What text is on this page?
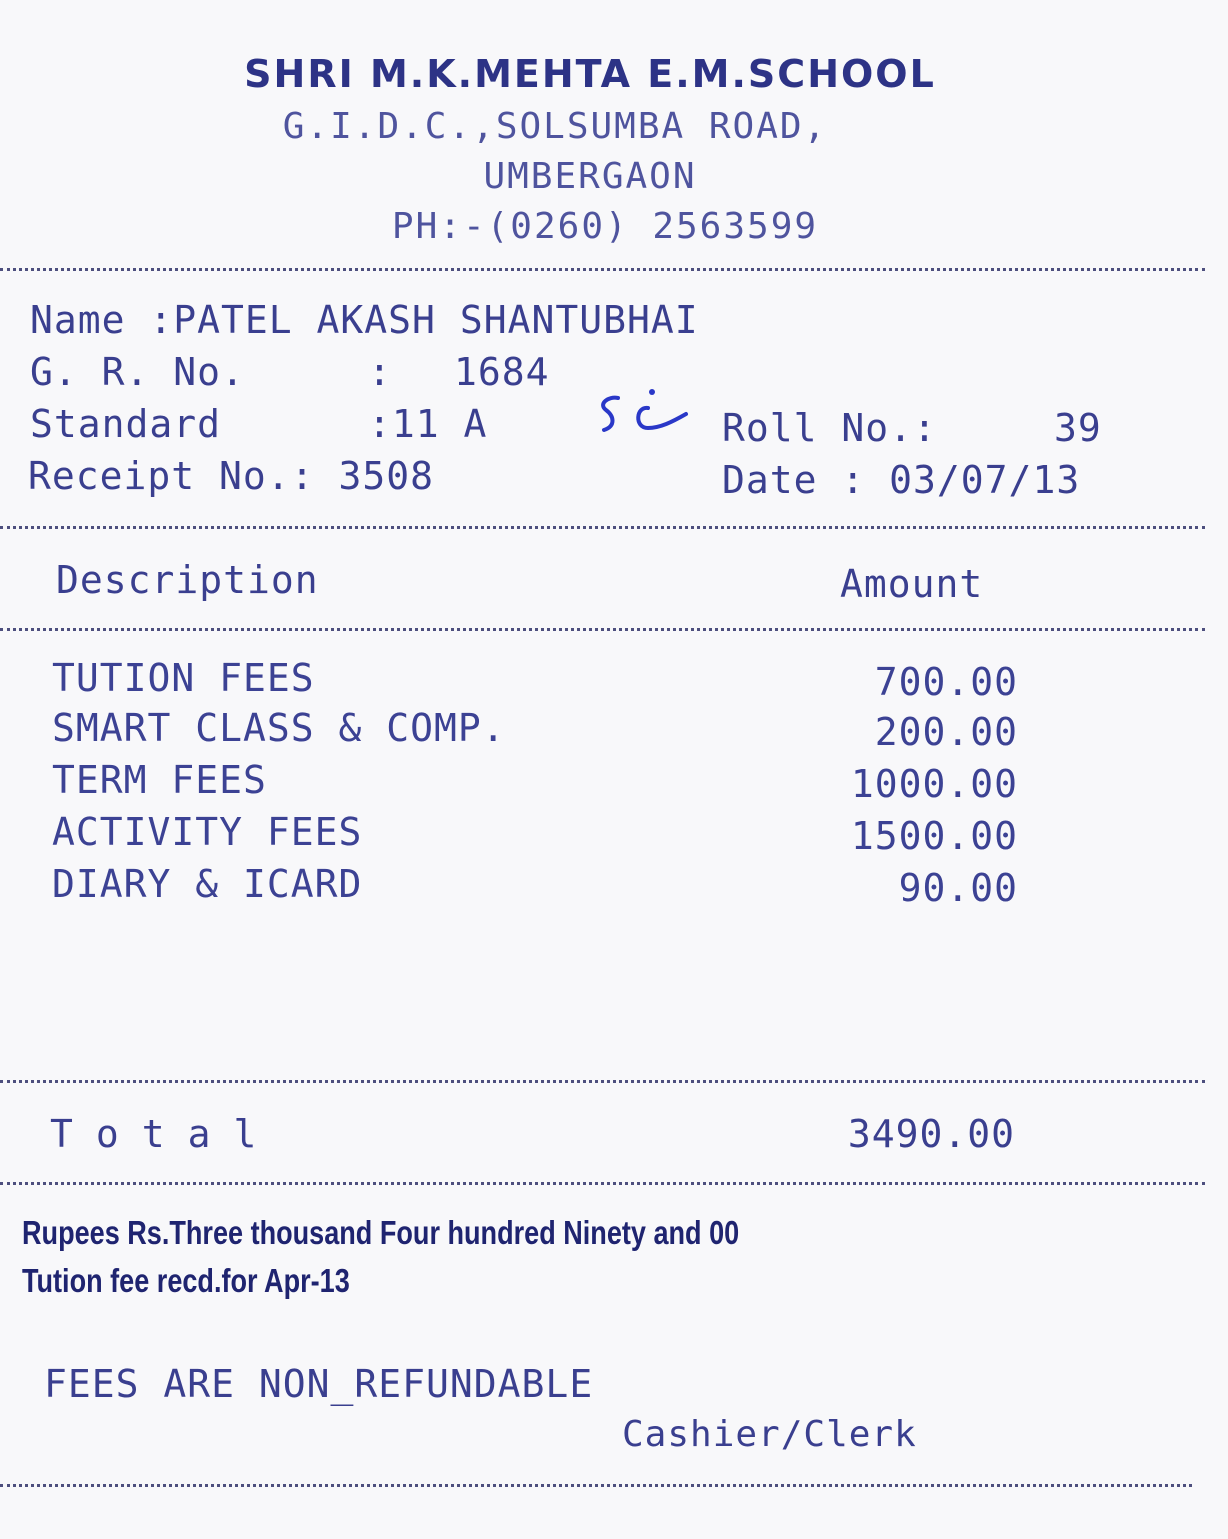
SHRI M.K.MEHTA E.M.SCHOOL
G.I.D.C.,SOLSUMBA ROAD,
UMBERGAON
PH:-(0260) 2563599
Name :PATEL AKASH SHANTUBHAI
G. R. No.	: 1684
Standard	:11 A	Roll No.:	39
Receipt No.: 3508	Date : 03/07/13
Description	Amount
TUTION FEES	700.00
SMART CLASS & COMP.	200.00
TERM FEES	1000.00
ACTIVITY FEES	1500.00
DIARY & ICARD	90.00
Total	3490.00
Rupees Rs.Three thousand Four hundred Ninety and 00
Tution fee recd.for Apr-13
FEES ARE NON_REFUNDABLE
Cashier/Clerk
